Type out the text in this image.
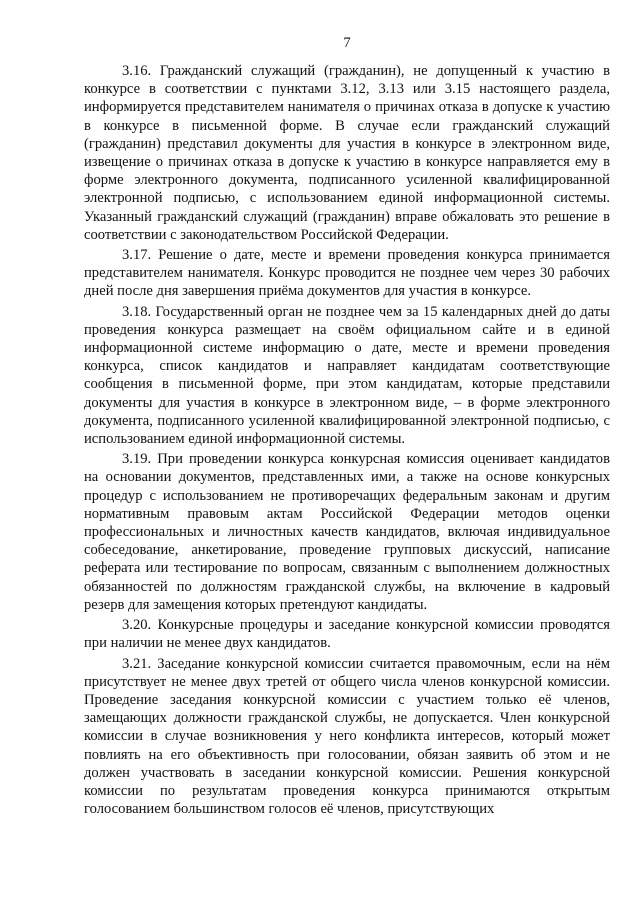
7

3.16. Гражданский служащий (гражданин), не допущенный к участию в конкурсе в соответствии с пунктами 3.12, 3.13 или 3.15 настоящего раздела, информируется представителем нанимателя о причинах отказа в допуске к участию в конкурсе в письменной форме. В случае если гражданский служащий (гражданин) представил документы для участия в конкурсе в электронном виде, извещение о причинах отказа в допуске к участию в конкурсе направляется ему в форме электронного документа, подписанного усиленной квалифицированной электронной подписью, с использованием единой информационной системы. Указанный гражданский служащий (гражданин) вправе обжаловать это решение в соответствии с законодательством Российской Федерации.

3.17. Решение о дате, месте и времени проведения конкурса принимается представителем нанимателя. Конкурс проводится не позднее чем через 30 рабочих дней после дня завершения приёма документов для участия в конкурсе.

3.18. Государственный орган не позднее чем за 15 календарных дней до даты проведения конкурса размещает на своём официальном сайте и в единой информационной системе информацию о дате, месте и времени проведения конкурса, список кандидатов и направляет кандидатам соответствующие сообщения в письменной форме, при этом кандидатам, которые представили документы для участия в конкурсе в электронном виде, – в форме электронного документа, подписанного усиленной квалифицированной электронной подписью, с использованием единой информационной системы.

3.19. При проведении конкурса конкурсная комиссия оценивает кандидатов на основании документов, представленных ими, а также на основе конкурсных процедур с использованием не противоречащих федеральным законам и другим нормативным правовым актам Российской Федерации методов оценки профессиональных и личностных качеств кандидатов, включая индивидуальное собеседование, анкетирование, проведение групповых дискуссий, написание реферата или тестирование по вопросам, связанным с выполнением должностных обязанностей по должностям гражданской службы, на включение в кадровый резерв для замещения которых претендуют кандидаты.

3.20. Конкурсные процедуры и заседание конкурсной комиссии проводятся при наличии не менее двух кандидатов.

3.21. Заседание конкурсной комиссии считается правомочным, если на нём присутствует не менее двух третей от общего числа членов конкурсной комиссии. Проведение заседания конкурсной комиссии с участием только её членов, замещающих должности гражданской службы, не допускается. Член конкурсной комиссии в случае возникновения у него конфликта интересов, который может повлиять на его объективность при голосовании, обязан заявить об этом и не должен участвовать в заседании конкурсной комиссии. Решения конкурсной комиссии по результатам проведения конкурса принимаются открытым голосованием большинством голосов её членов, присутствующих
